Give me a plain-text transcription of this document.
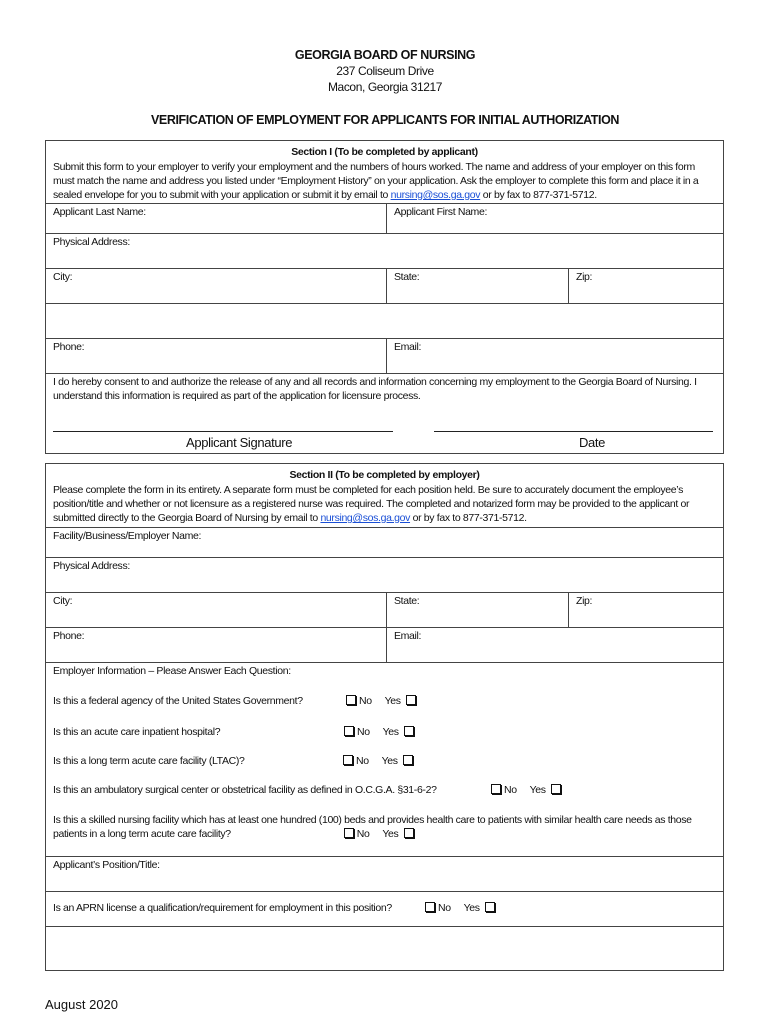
GEORGIA BOARD OF NURSING
237 Coliseum Drive
Macon, Georgia 31217
VERIFICATION OF EMPLOYMENT FOR APPLICANTS FOR INITIAL AUTHORIZATION
Section I (To be completed by applicant)
Submit this form to your employer to verify your employment and the numbers of hours worked. The name and address of your employer on this form must match the name and address you listed under “Employment History” on your application. Ask the employer to complete this form and place it in a sealed envelope for you to submit with your application or submit it by email to nursing@sos.ga.gov or by fax to 877-371-5712.
Applicant Last Name:	Applicant First Name:
Physical Address:
City:	State:	Zip:
Phone:	Email:
I do hereby consent to and authorize the release of any and all records and information concerning my employment to the Georgia Board of Nursing. I understand this information is required as part of the application for licensure process.
Applicant Signature	Date
Section II (To be completed by employer)
Please complete the form in its entirety. A separate form must be completed for each position held. Be sure to accurately document the employee’s position/title and whether or not licensure as a registered nurse was required. The completed and notarized form may be provided to the applicant or submitted directly to the Georgia Board of Nursing by email to nursing@sos.ga.gov or by fax to 877-371-5712.
Facility/Business/Employer Name:
Physical Address:
City:	State:	Zip:
Phone:	Email:
Employer Information – Please Answer Each Question:
Is this a federal agency of the United States Government?	No Yes
Is this an acute care inpatient hospital?	No Yes
Is this a long term acute care facility (LTAC)?	No Yes
Is this an ambulatory surgical center or obstetrical facility as defined in O.C.G.A. §31-6-2?	No Yes
Is this a skilled nursing facility which has at least one hundred (100) beds and provides health care to patients with similar health care needs as those patients in a long term acute care facility?	No Yes
Applicant’s Position/Title:
Is an APRN license a qualification/requirement for employment in this position?	No Yes
August 2020
